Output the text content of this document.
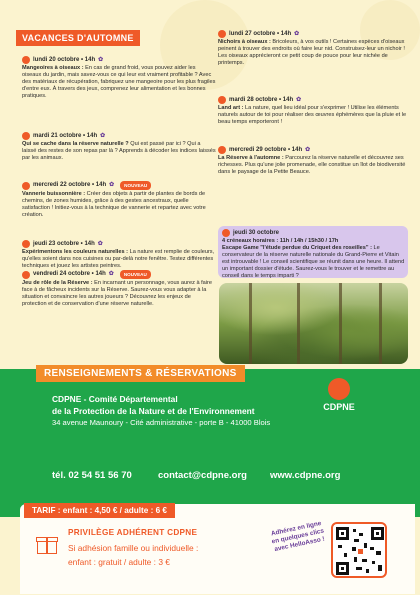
VACANCES D'AUTOMNE
lundi 20 octobre • 14h ✿
Mangeoires à oiseaux : En cas de grand froid, vous pouvez aider les oiseaux du jardin, mais savez-vous ce qui leur est vraiment profitable ? Avec des matériaux de récupération, fabriquez une mangeoire pour les plus fragiles d'entre eux. À travers des jeux, comprenez leur alimentation et les bonnes pratiques.
mardi 21 octobre • 14h ✿
Qui se cache dans la réserve naturelle ? Qui est passé par ici ? Qui a laissé des restes de son repas par là ? Apprends à décoder les indices laissés par les animaux.
mercredi 22 octobre • 14h ✿	NOUVEAU
Vannerie buissonnière : Créer des objets à partir de plantes de bords de chemins, de zones humides, grâce à des gestes ancestraux, quelle satisfaction ! Initiez-vous à la technique de vannerie et repartez avec votre création.
jeudi 23 octobre • 14h ✿
Expérimentons les couleurs naturelles : La nature est remplie de couleurs, qu'elles soient dans nos cuisines ou par-delà notre fenêtre. Testez différentes techniques et jouez les artistes peintres.
vendredi 24 octobre • 14h ✿	NOUVEAU
Jeu de rôle de la Réserve : En incarnant un personnage, vous aurez à faire face à de fâcheux incidents sur la Réserve. Saurez-vous vous adapter à la situation et convaincre les autres joueurs ? Découvrez les enjeux de protection et de conservation d'une réserve naturelle.
lundi 27 octobre • 14h ✿
Nichoirs à oiseaux : Bricoleurs, à vos outils ! Certaines espèces d'oiseaux peinent à trouver des endroits où faire leur nid. Construisez-leur un nichoir ! Les oiseaux apprécieront ce petit coup de pouce pour leur nichée de printemps.
mardi 28 octobre • 14h ✿
Land art : La nature, quel lieu idéal pour s'exprimer ! Utilise les éléments naturels autour de toi pour réaliser des œuvres éphémères que la pluie et le beau temps emporteront !
mercredi 29 octobre • 14h ✿
La Réserve à l'automne : Parcourez la réserve naturelle et découvrez ses richesses. Plus qu'une jolie promenade, elle constitue un îlot de biodiversité dans le paysage de la Petite Beauce.
jeudi 30 octobre
4 créneaux horaires : 11h / 14h / 15h30 / 17h
Escape Game "l'étude perdue du Criquet des roseilles" : Le conservateur de la réserve naturelle nationale du Grand-Pierre et Vitain est introuvable ! Le conseil scientifique se réunit dans une heure. Il attend un important dossier d'étude. Saurez-vous le trouver et le remettre au conseil dans le temps imparti ?
RENSEIGNEMENTS & RÉSERVATIONS
CDPNE - Comité Départemental
de la Protection de la Nature et de l'Environnement
34 avenue Maunoury - Cité administrative - porte B - 41000 Blois
CDPNE
tél. 02 54 51 56 70	contact@cdpne.org www.cdpne.org
TARIF : enfant : 4,50 € / adulte : 6 €
PRIVILÈGE ADHÉRENT CDPNE
Si adhésion famille ou individuelle :
enfant : gratuit / adulte : 3 €
Adhérez en ligne en quelques clics avec HelloAsso !
